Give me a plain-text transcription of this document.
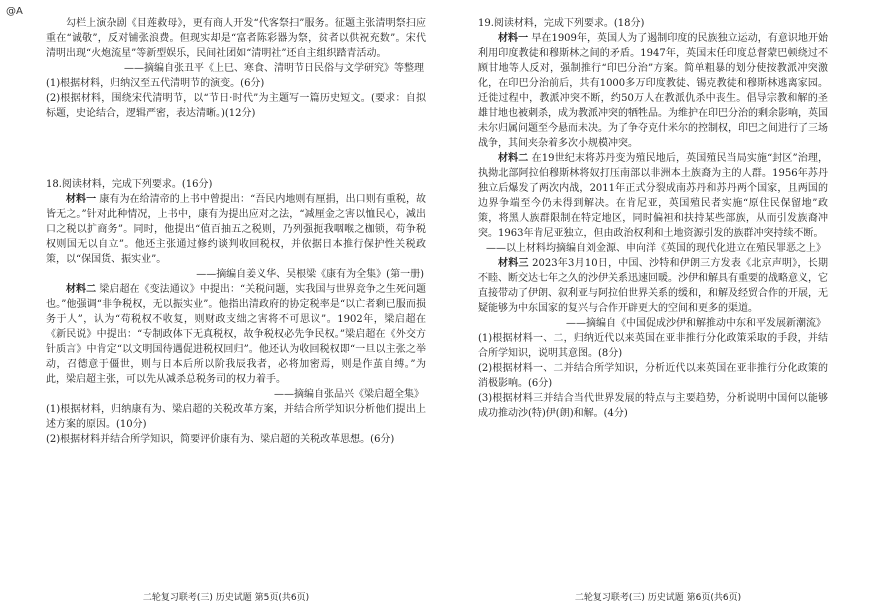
@A

勾栏上演杂剧《目莲救母》，更有商人开发“代客祭扫”服务。征题主张清明祭扫应重在“诚敬”，反对铺张浪费。但现实却是“富者陈彩器为祭，贫者以供祝充数”。宋代清明出现“火炮流星”等新型娱乐，民间社团如“清明社”还自主组织踏青活动。

——摘编自张丑平《上巳、寒食、清明节日民俗与文学研究》等整理

(1)根据材料，归纳汉至五代清明节的演变。(6分)

(2)根据材料，围绕宋代清明节，以“节日·时代”为主题写一篇历史短文。(要求：自拟标题，史论结合，逻辑严密，表达清晰。)(12分)

18.阅读材料，完成下列要求。(16分)

材料一 康有为在给清帝的上书中曾提出：“吾民内地则有厘捐，出口则有重税，故皆无之。”针对此种情况，上书中，康有为提出应对之法，“减厘金之害以恤民心，减出口之税以扩商务”。同时，他提出“值百抽五之税则，乃列强扼我咽喉之枷锁，苟争税权则国无以自立”。他还主张通过修约谈判收回税权，并依据日本推行保护性关税政策，以“保国货、振实业”。

——摘编自姜义华、吴根梁《康有为全集》(第一册)

材料二 梁启超在《变法通议》中提出：“关税问题，实我国与世界竞争之生死问题也。”他强调“非争税权，无以振实业”。他指出清政府的协定税率是“以亡者剩已服而损务于人”，认为“苟税权不收复，则财政支绌之害将不可思议”。1902年，梁启超在《新民说》中提出：“专制政体下无真税权，故争税权必先争民权。”梁启超在《外交方针质言》中肯定“以文明国待遇促进税权回归”。他还认为收回税权即“一旦以主张之举动，召德意于僵世，则与日本后所以阶我辰我者，必将加密焉，则是作茧自缚。”为此，梁启超主张，可以先从减杀总税务司的权力着手。

——摘编自张品兴《梁启超全集》

(1)根据材料，归纳康有为、梁启超的关税改革方案，并结合所学知识分析他们提出上述方案的原因。(10分)

(2)根据材料并结合所学知识，简要评价康有为、梁启超的关税改革思想。(6分)

19.阅读材料，完成下列要求。(18分)

材料一 早在1909年，英国人为了遏制印度的民族独立运动，有意识地开始利用印度教徒和穆斯林之间的矛盾。1947年，英国末任印度总督蒙巴顿绕过不顾甘地等人反对，强制推行“印巴分治”方案。简单粗暴的划分使按教派冲突激化，在印巴分治前后，共有1000多万印度教徒、锡克教徒和穆斯林逃离家园。迁徙过程中，教派冲突不断，约50万人在教派仇杀中丧生。倡导宗教和解的圣雄甘地也被刺杀，成为教派冲突的牺牲品。为维护在印巴分治的剩余影响，英国未尔归属问题至今悬而未决。为了争夺克什米尔的控制权，印巴之间进行了三场战争，其间夹杂着多次小规模冲突。

材料二 在19世纪末将苏丹变为殖民地后，英国殖民当局实施“封区”治理，执拗北部阿拉伯穆斯林将奴打压南部以非洲本土族裔为主的人群。1956年苏丹独立后爆发了两次内战，2011年正式分裂成南苏丹和苏丹两个国家，且两国的边界争端至今仍未得到解决。在肯尼亚，英国殖民者实施“原住民保留地”政策，将黑人族群限制在特定地区，同时偏袒和扶持某些部族，从而引发族裔冲突。1963年肯尼亚独立，但由政治权利和土地资源引发的族群冲突持续不断。

——以上材料均摘编自刘金源、申向洋《英国的现代化进立在殖民罪恶之上》

材料三 2023年3月10日，中国、沙特和伊朗三方发表《北京声明》，长期不睦、断交达七年之久的沙伊关系迅速回暖。沙伊和解具有重要的战略意义，它直接带动了伊朗、叙利亚与阿拉伯世界关系的缓和，和解及经贸合作的开展，无疑能够为中东国家的复兴与合作开辟更大的空间和更多的渠道。

——摘编自《中国促成沙伊和解推动中东和平发展新潮流》

(1)根据材料一、二，归纳近代以来英国在亚非推行分化政策采取的手段，并结合所学知识，说明其意图。(8分)

(2)根据材料一、二并结合所学知识，分析近代以来英国在亚非推行分化政策的消极影响。(6分)

(3)根据材料三并结合当代世界发展的特点与主要趋势，分析说明中国何以能够成功推动沙(特)伊(朗)和解。(4分)

二轮复习联考(三) 历史试题 第5页(共6页)	二轮复习联考(三) 历史试题 第6页(共6页)
